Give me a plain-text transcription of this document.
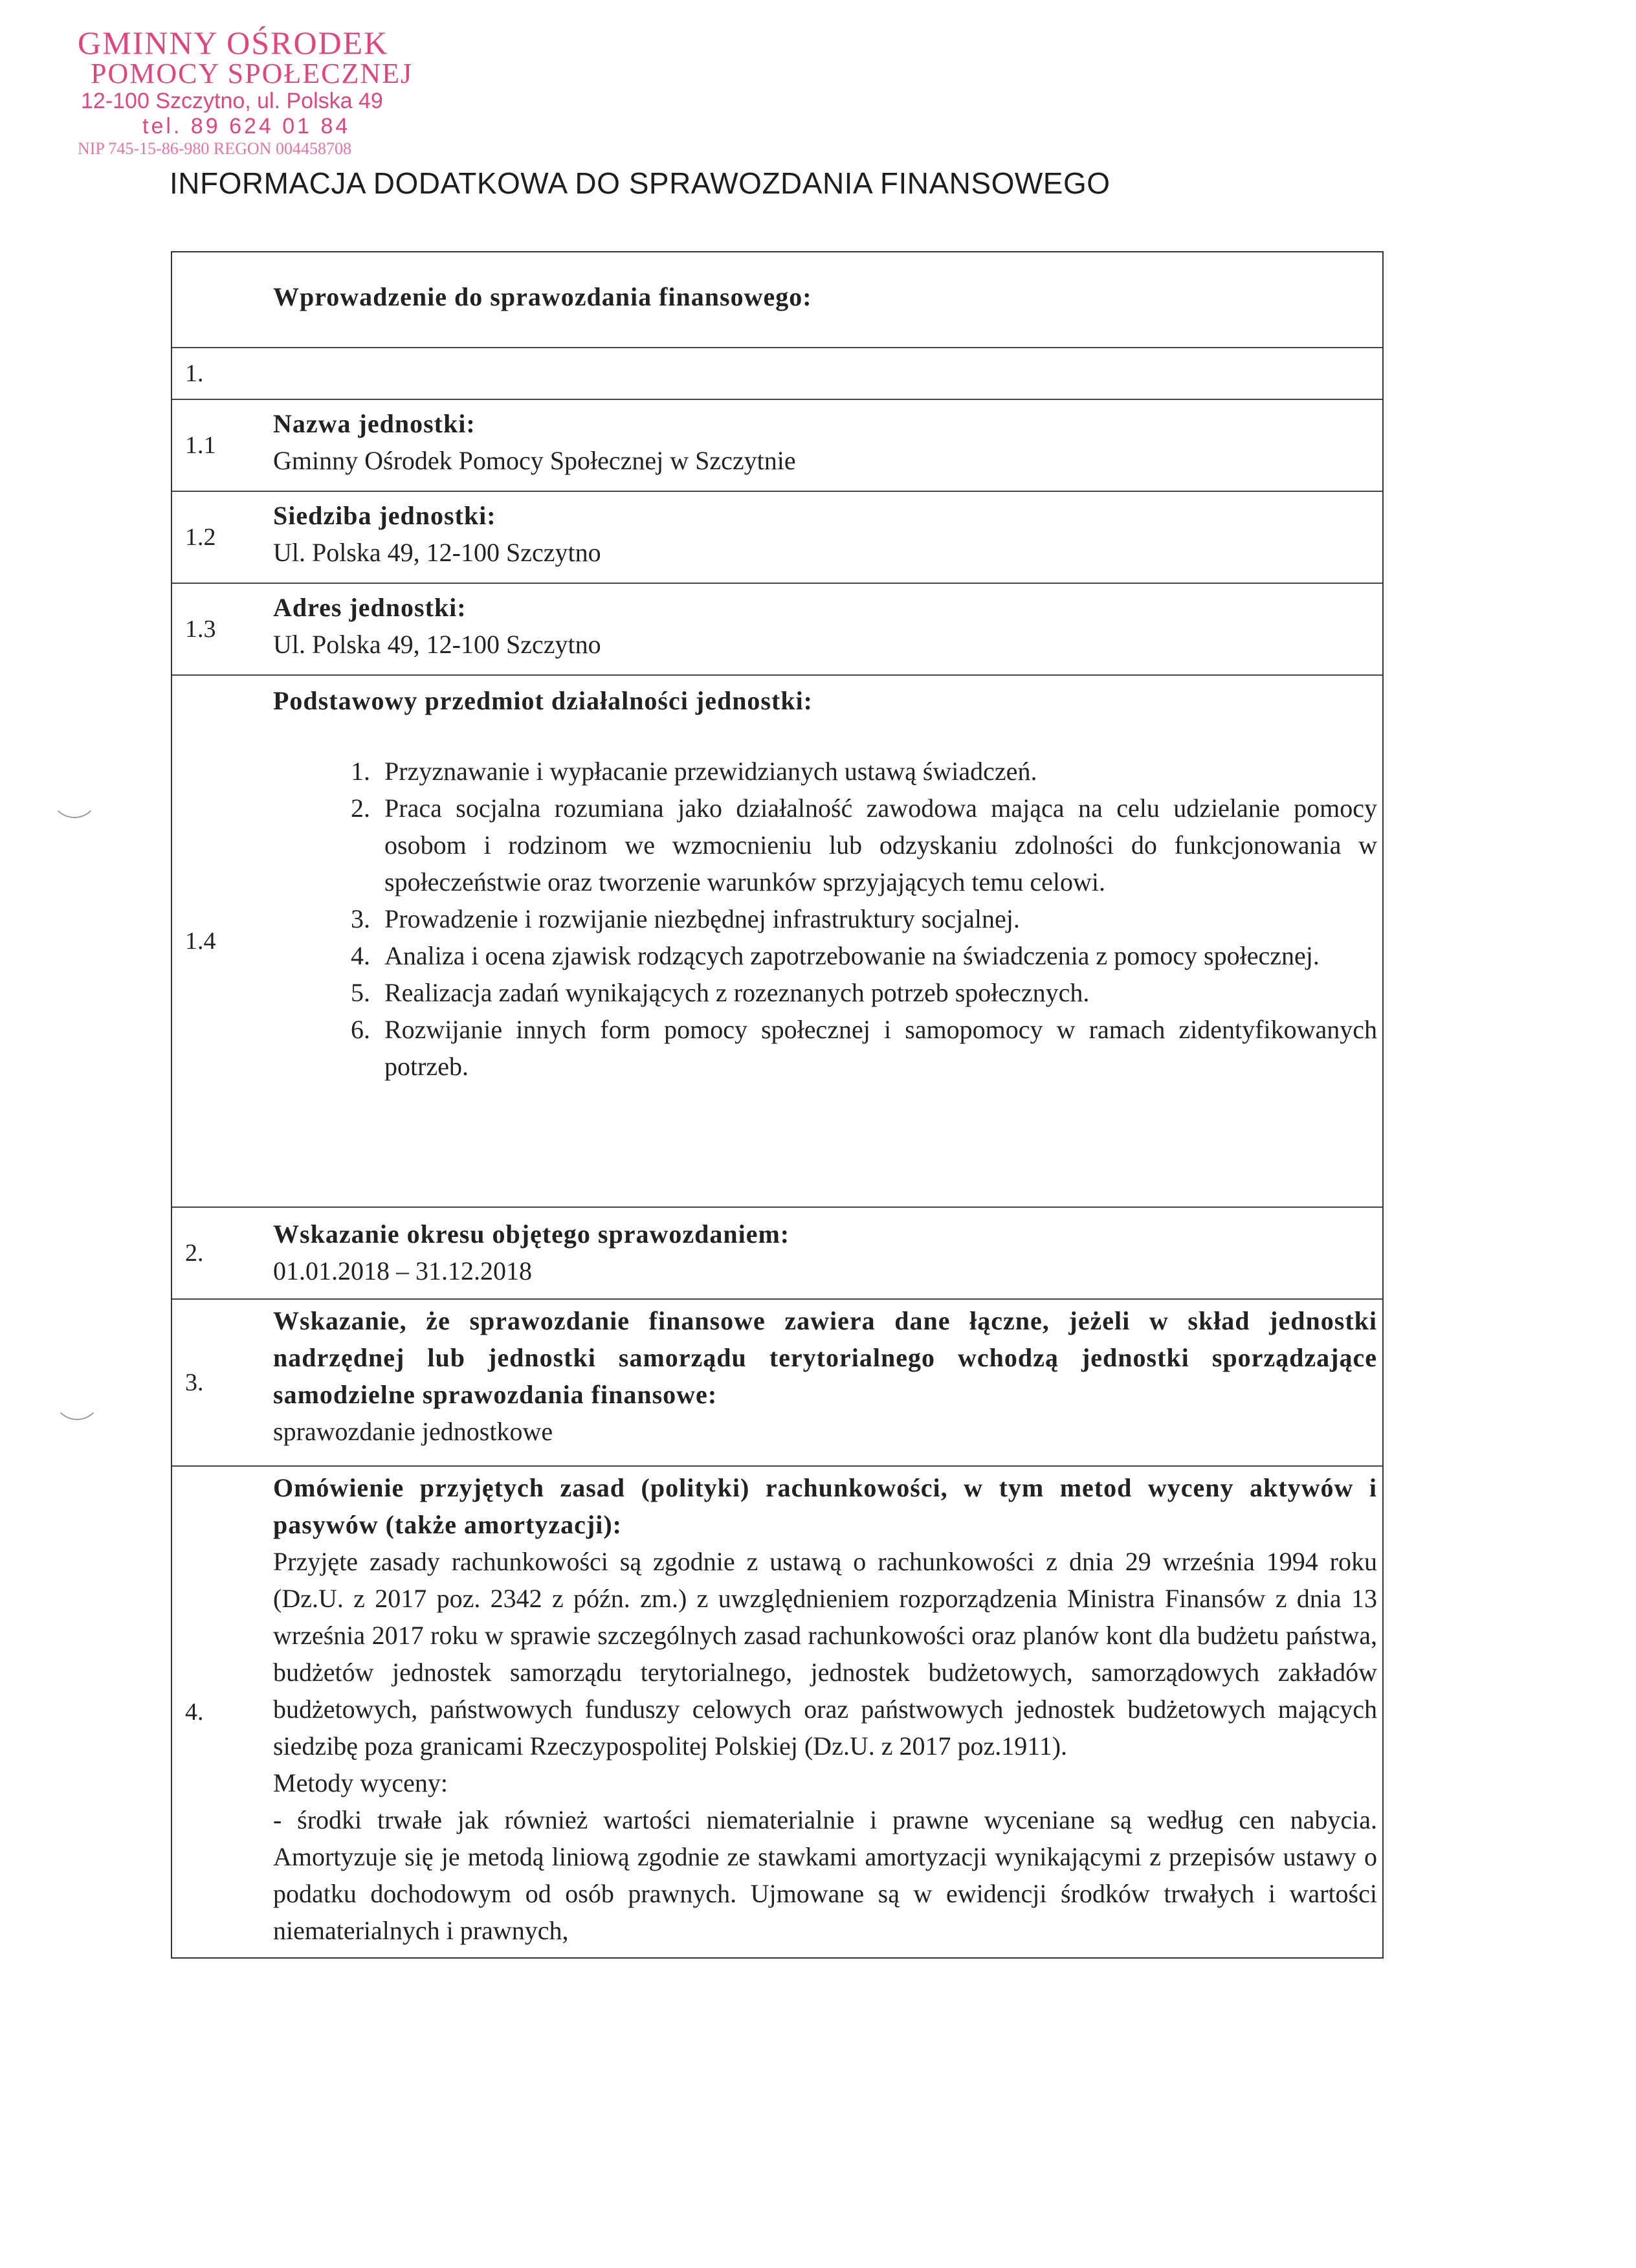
GMINNY OŚRODEK
POMOCY SPOŁECZNEJ
12-100 Szczytno, ul. Polska 49
tel. 89 624 01 84
NIP 745-15-86-980 REGON 004458708
INFORMACJA DODATKOWA DO SPRAWOZDANIA FINANSOWEGO
Wprowadzenie do sprawozdania finansowego:
1.
1.1
Nazwa jednostki:
Gminny Ośrodek Pomocy Społecznej w Szczytnie
1.2
Siedziba jednostki:
Ul. Polska 49, 12-100 Szczytno
1.3
Adres jednostki:
Ul. Polska 49, 12-100 Szczytno
1.4
Podstawowy przedmiot działalności jednostki:
1. Przyznawanie i wypłacanie przewidzianych ustawą świadczeń.
2. Praca socjalna rozumiana jako działalność zawodowa mająca na celu udzielanie pomocy osobom i rodzinom we wzmocnieniu lub odzyskaniu zdolności do funkcjonowania w społeczeństwie oraz tworzenie warunków sprzyjających temu celowi.
3. Prowadzenie i rozwijanie niezbędnej infrastruktury socjalnej.
4. Analiza i ocena zjawisk rodzących zapotrzebowanie na świadczenia z pomocy społecznej.
5. Realizacja zadań wynikających z rozeznanych potrzeb społecznych.
6. Rozwijanie innych form pomocy społecznej i samopomocy w ramach zidentyfikowanych potrzeb.
2.
Wskazanie okresu objętego sprawozdaniem:
01.01.2018 – 31.12.2018
3.
Wskazanie, że sprawozdanie finansowe zawiera dane łączne, jeżeli w skład jednostki nadrzędnej lub jednostki samorządu terytorialnego wchodzą jednostki sporządzające samodzielne sprawozdania finansowe:
sprawozdanie jednostkowe
4.
Omówienie przyjętych zasad (polityki) rachunkowości, w tym metod wyceny aktywów i pasywów (także amortyzacji):
Przyjęte zasady rachunkowości są zgodnie z ustawą o rachunkowości z dnia 29 września 1994 roku (Dz.U. z 2017 poz. 2342 z późn. zm.) z uwzględnieniem rozporządzenia Ministra Finansów z dnia 13 września 2017 roku w sprawie szczególnych zasad rachunkowości oraz planów kont dla budżetu państwa, budżetów jednostek samorządu terytorialnego, jednostek budżetowych, samorządowych zakładów budżetowych, państwowych funduszy celowych oraz państwowych jednostek budżetowych mających siedzibę poza granicami Rzeczypospolitej Polskiej (Dz.U. z 2017 poz.1911).
Metody wyceny:
- środki trwałe jak również wartości niematerialnie i prawne wyceniane są według cen nabycia. Amortyzuje się je metodą liniową zgodnie ze stawkami amortyzacji wynikającymi z przepisów ustawy o podatku dochodowym od osób prawnych. Ujmowane są w ewidencji środków trwałych i wartości niematerialnych i prawnych,
